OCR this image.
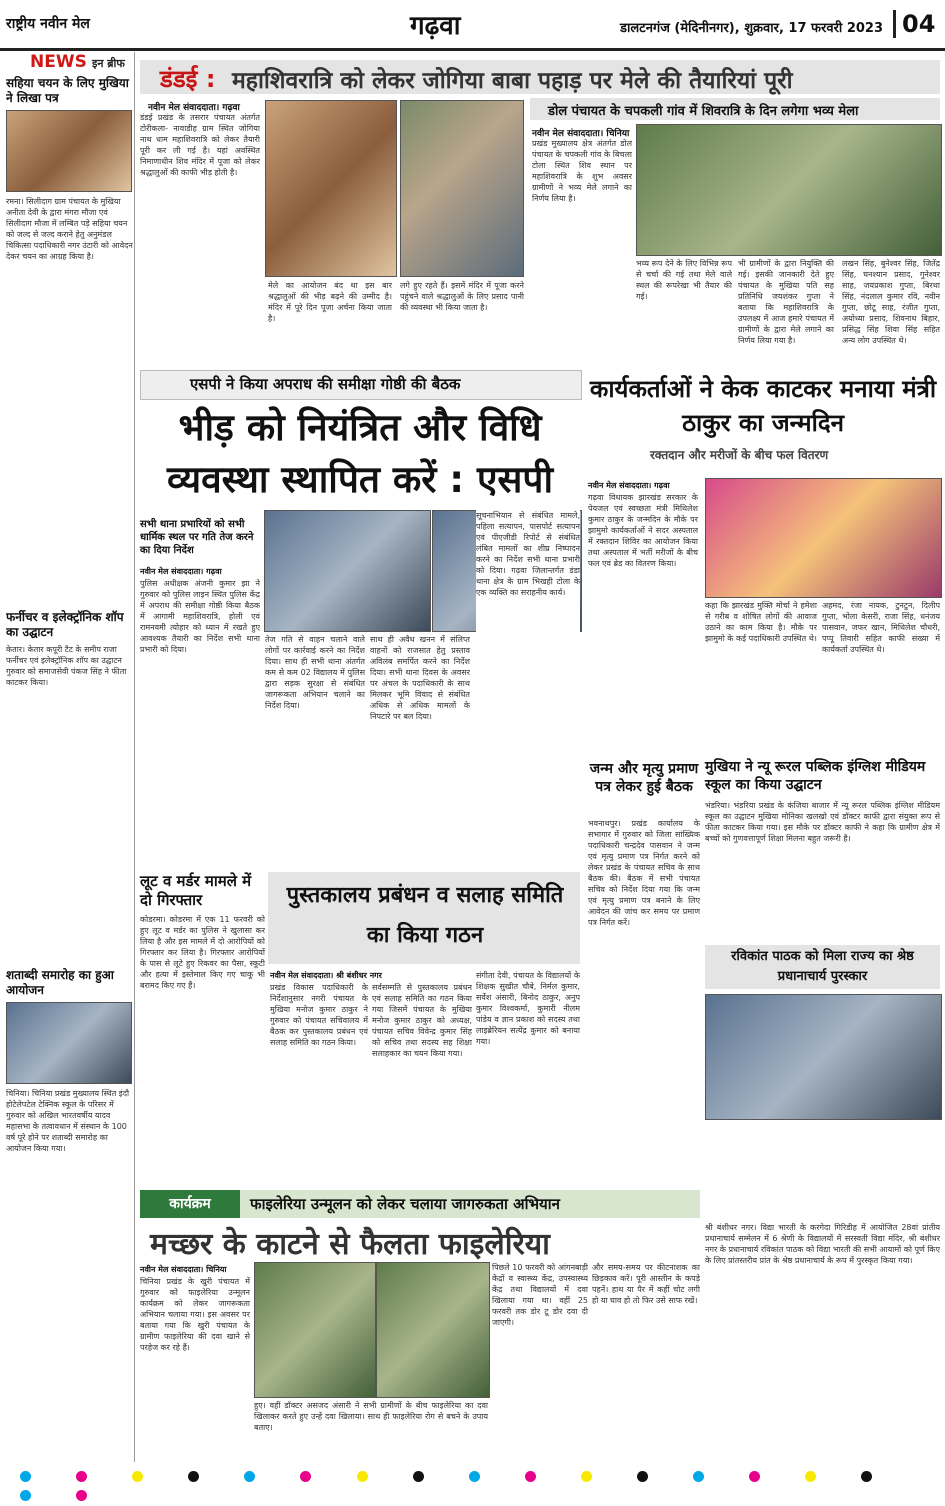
राष्ट्रीय नवीन मेल	गढ़वा	डालटनगंज (मेदिनीनगर), शुक्रवार, 17 फरवरी 2023 04
NEWS इन ब्रीफ
सहिया चयन के लिए मुखिया ने लिखा पत्र
रमना। सिलीदाग ग्राम पंचायत के मुखिया अनीता देवी के द्वारा मंगरा मौजा एवं सिलीदाग मौजा में लम्बित पड़े सहिया चयन को जल्द से जल्द कराने हेतु अनुमंडल चिकित्सा पदाधिकारी नगर उंटारी को आवेदन देकर चयन का आग्रह किया है।
फर्नीचर व इलेक्ट्रॉनिक शॉप का उद्घाटन
केतार। केतार कपूरी टैट के समीप राजा फर्नीचर एवं इलेक्ट्रॉनिक शॉप का उद्घाटन गुरुवार को समाजसेवी पंकज सिंह ने फीता काटकर किया।
शताब्दी समारोह का हुआ आयोजन
चिनिया। चिनिया प्रखंड मुख्यालय स्थित इंदौ होटेलेपटेल टेक्निक स्कूल के परिसर में गुरुवार को अखिल भारतवर्षीय यादव महासभा के तत्वावधान में संस्थान के 100 वर्ष पूरे होने पर शताब्दी समारोह का आयोजन किया गया।
डंडई : महाशिवरात्रि को लेकर जोगिया बाबा पहाड़ पर मेले की तैयारियां पूरी
नवीन मेल संवाददाता। गढ़वा
डंडई प्रखंड के तसरार पंचायत अंतर्गत टोरीकला- नावाडीह ग्राम स्थित जोगिया नाथ धाम महाशिवरात्रि को लेकर तैयारी पूरी कर ली गई है। यहां अवस्थित निमाणाधीन शिव मंदिर में पूजा को लेकर श्रद्धालुओं की काफी भीड़ होती है।
मेले का आयोजन बंद था इस बार श्रद्धालुओं की भीड़ बढ़ने की उम्मीद है। मंदिर में पूरे दिन पूजा अर्चना किया जाता है।
लगे हुए रहते हैं। इसमें मंदिर में पूजा करने पहुंचने वाले श्रद्धालुओं के लिए प्रसाद पानी की व्यवस्था भी किया जाता है।
डोल पंचायत के चपकली गांव में शिवरात्रि के दिन लगेगा भव्य मेला
नवीन मेल संवाददाता। चिनिया
प्रखंड मुख्यालय क्षेत्र अंतर्गत डोल पंचायत के चपकली गांव के बिचला टोला स्थित शिव स्थान पर महाशिवरात्रि के शुभ अवसर ग्रामीणों ने भव्य मेले लगाने का निर्णय लिया है।
भव्य रूप देने के लिए विभिन्न रूप से चर्चा की गई तथा मेले वाले स्थल की रूपरेखा भी तैयार की गई।
भी ग्रामीणों के द्वारा नियुक्ति की गई। इसकी जानकारी देते हुए पंचायत के मुखिया पति सह प्रतिनिधि जयशंकर गुप्ता ने बताया कि महाशिवरात्रि के उपलक्ष्य में आज हमारे पंचायत में ग्रामीणों के द्वारा मेले लगाने का निर्णय लिया गया है।
लखन सिंह, बुनेश्वर सिंह, जितेंद्र सिंह, घनश्यान प्रसाद, गुनेश्वर साह, जयप्रकाश गुप्ता, बिरथा सिंह, नंदलाल कुमार रवि, नवीन गुप्ता, छोटू साह, रंजीत गुप्ता, अयोध्या प्रसाद, शिवनाथ बिहार, प्रसिद्ध सिंह शिवा सिंह सहित अन्य लोग उपस्थित थे।
एसपी ने किया अपराध की समीक्षा गोष्ठी की बैठक
भीड़ को नियंत्रित और विधि व्यवस्था स्थापित करें : एसपी
सभी थाना प्रभारियों को सभी धार्मिक स्थल पर गति तेज करने का दिया निर्देश
नवीन मेल संवाददाता। गढ़वा
पुलिस अधीक्षक अंजनी कुमार झा ने गुरुवार को पुलिस लाइन स्थित पुलिस केंद्र में अपराध की समीक्षा गोष्ठी किया बैठक में आगामी महाशिवरात्रि, होली एवं रामनवमी त्योहार को ध्यान में रखते हुए आवश्यक तैयारी का निर्देश सभी थाना प्रभारी को दिया।
तेज गति से वाहन चलाने वाले लोगों पर कार्रवाई करने का निर्देश दिया। साथ ही सभी थाना अंतर्गत कम से कम 02 विद्यालय में पुलिस द्वारा सड़क सुरक्षा से संबंधित जागरूकता अभियान चलाने का निर्देश दिया।
साथ ही अवैध खनन में संलिप्त वाहनों को राजसात हेतु प्रस्ताव अविलंब समर्पित करने का निर्देश दिया। सभी थाना दिवस के अवसर पर अंचल के पदाधिकारी के साथ मिलकर भूमि विवाद से संबंधित अधिक से अधिक मामलों के निपटारे पर बल दिया।
सूचनाभियान से संबंधित मामले, पहिला सत्यापन, पासपोर्ट सत्यापन एवं पीएजीडी रिपोर्ट से संबंधित लंबित मामलों का शीघ्र निष्पादन करने का निर्देश सभी थाना प्रभारी को दिया। गढ़वा जिलान्तर्गत डंडा थाना क्षेत्र के ग्राम भिखही टोला के एक व्यक्ति का सराहनीय कार्य।
लूट व मर्डर मामले में दो गिरफ्तार
कोडरमा। कोडरमा में एक 11 फरवरी को हुए लूट व मर्डर का पुलिस ने खुलासा कर लिया है और इस मामले में दो आरोपियों को गिरफ्तार कर लिया है। गिरफ्तार आरोपियों के पास से लूटे हुए रिकवर का पैसा, स्कूटी और हत्या में इस्तेमाल किए गए चाकू भी बरामद किए गए हैं।
पुस्तकालय प्रबंधन व सलाह समिति का किया गठन
नवीन मेल संवाददाता। श्री बंशीधर नगर
प्रखंड विकास पदाधिकारी के निर्देशानुसार नगरी पंचायत के मुखिया मनोज कुमार ठाकुर ने गुरुवार को पंचायत सचिवालय में बैठक कर पुस्तकालय प्रबंधन एवं सलाह समिति का गठन किया।
सर्वसम्मति से पुस्तकालय प्रबंधन एवं सलाह समिति का गठन किया गया जिसमें पंचायत के मुखिया मनोज कुमार ठाकुर को अध्यक्ष, पंचायत सचिव विवेन्द्र कुमार सिंह को सचिव तथा सदस्य सह शिक्षा सलाहकार का चयन किया गया।
संगीता देवी, पंचायत के विद्यालयों के शिक्षक सुखीत चौबे, निर्मल कुमार, सर्वेश अंसारी, बिनोद ठाकुर, अनुप कुमार विश्वकर्मा, कुमारी नीलम पांडेय व ज्ञान प्रकाश को सदस्य तथा लाइब्रेरियन सत्येंद्र कुमार को बनाया गया।
कार्यकर्ताओं ने केक काटकर मनाया मंत्री ठाकुर का जन्मदिन
रक्तदान और मरीजों के बीच फल वितरण
नवीन मेल संवाददाता। गढ़वा
गढ़वा विधायक झारखंड सरकार के पेयजल एवं स्वच्छता मंत्री मिथिलेश कुमार ठाकुर के जन्मदिन के मौके पर झामुमो कार्यकर्ताओं ने सदर अस्पताल में रक्तदान शिविर का आयोजन किया तथा अस्पताल में भर्ती मरीजों के बीच फल एवं ब्रेड का वितरण किया।
कहा कि झारखंड मुक्ति मोर्चा ने हमेशा से गरीब व शोषित लोगों की आवाज उठाने का काम किया है। मौके पर झामुमो के कई पदाधिकारी उपस्थित थे।
अहमद, रंजा नायक, टुनटुन, दिलीप गुप्ता, भोला केसरी, राजा सिंह, धनंजय पासवान, जफर खान, मिथिलेश चौधरी, पप्पू तिवारी सहित काफी संख्या में कार्यकर्ता उपस्थित थे।
जन्म और मृत्यु प्रमाण पत्र लेकर हुई बैठक
भवनाथपुर। प्रखंड कार्यालय के सभागार में गुरुवार को जिला सांख्यिक पदाधिकारी चन्द्रदेव पासवान ने जन्म एवं मृत्यु प्रमाण पत्र निर्गत करने को लेकर प्रखंड के पंचायत सचिव के साथ बैठक की। बैठक में सभी पंचायत सचिव को निर्देश दिया गया कि जन्म एवं मृत्यु प्रमाण पत्र बनाने के लिए आवेदन की जांच कर समय पर प्रमाण पत्र निर्गत करें।
मुखिया ने न्यू रूरल पब्लिक इंग्लिश मीडियम स्कूल का किया उद्घाटन
भंडरिया। भंडरिया प्रखंड के कंजिया बाजार में न्यू रूरल पब्लिक इंग्लिश मीडियम स्कूल का उद्घाटन मुखिया मोनिका खलखो एवं डॉक्टर काफी द्वारा संयुक्त रूप से फीता काटकर किया गया। इस मौके पर डॉक्टर काफी ने कहा कि ग्रामीण क्षेत्र में बच्चों को गुणवत्तापूर्ण शिक्षा मिलना बहुत जरूरी है।
रविकांत पाठक को मिला राज्य का श्रेष्ठ प्रधानाचार्य पुरस्कार
श्री बंशीधर नगर। विद्या भारती के करगेदा गिरिडीह में आयोजित 28वां प्रांतीय प्रधानाचार्य सम्मेलन में 6 श्रेणी के विद्यालयों में सरस्वती विद्या मंदिर, श्री बंशीधर नगर के प्रधानाचार्य रविकांत पाठक को विद्या भारती की सभी आयामों को पूर्ण किए के लिए प्रांतस्तरीय प्रांत के श्रेष्ठ प्रधानाचार्य के रूप में पुरस्कृत किया गया।
कार्यक्रम	फाइलेरिया उन्मूलन को लेकर चलाया जागरुकता अभियान
मच्छर के काटने से फैलता फाइलेरिया
नवीन मेल संवाददाता। चिनिया
चिनिया प्रखंड के खुरी पंचायत में गुरुवार को फाइलेरिया उन्मूलन कार्यक्रम को लेकर जागरूकता अभियान चलाया गया। इस अवसर पर बताया गया कि खुरी पंचायत के ग्रामीण फाइलेरिया की दवा खाने से परहेज कर रहे हैं।
हुए। वहीं डॉक्टर असजद अंसारी ने सभी ग्रामीणों के बीच फाइलेरिया का दवा खिलाकर करते हुए उन्हें दवा खिलाया। साथ ही फाइलेरिया रोग से बचने के उपाय बताए।
पिछले 10 फरवरी को आंगनबाड़ी केंद्रों व स्वास्थ्य केंद्र, उपस्वास्थ्य केंद्र तथा विद्यालयों में दवा खिलाया गया था। वहीं 25 फरवरी तक डोर टू डोर दवा दी जाएगी।
और समय-समय पर कीटनाशक का छिड़काव करें। पूरी आस्तीन के कपड़े पहनें। हाथ या पैर में कहीं चोट लगी हो या घाव हो तो फिर उसे साफ रखें।
